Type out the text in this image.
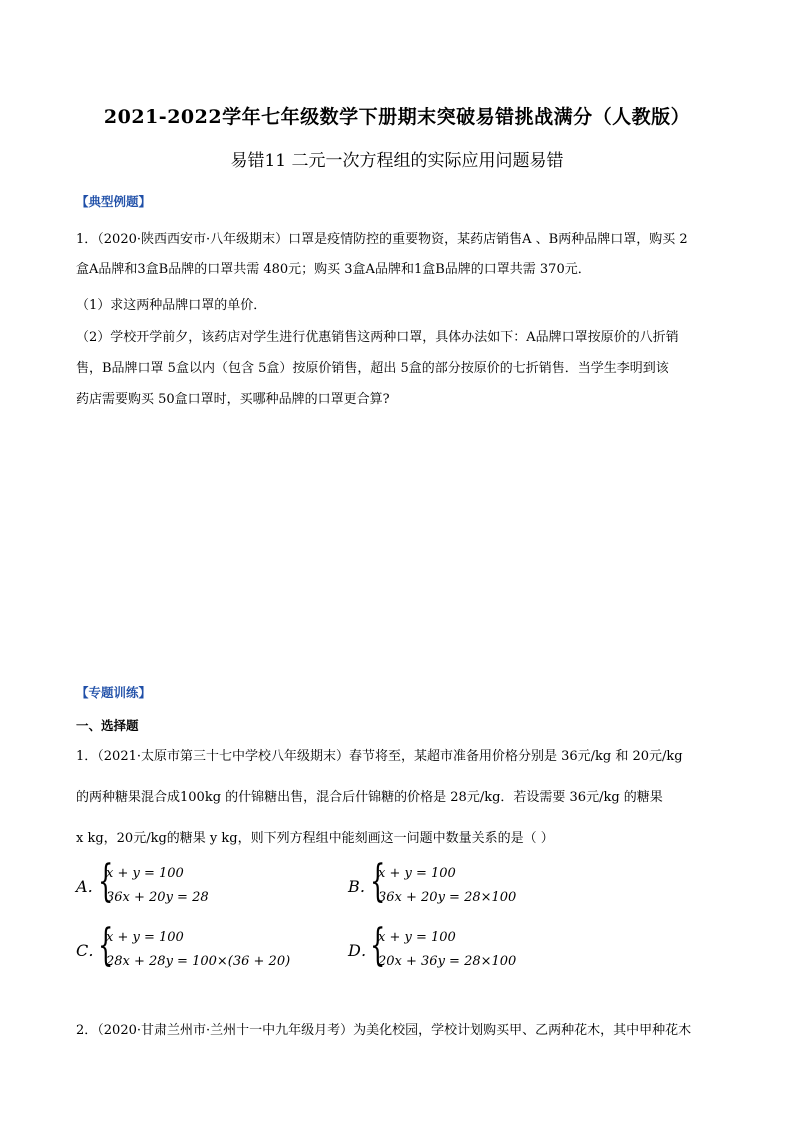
2021-2022学年七年级数学下册期末突破易错挑战满分（人教版）
易错11 二元一次方程组的实际应用问题易错
【典型例题】
1．（2020·陕西西安市·八年级期末）口罩是疫情防控的重要物资，某药店销售A 、B两种品牌口罩，购买 2
盒A品牌和3盒B品牌的口罩共需 480元；购买 3盒A品牌和1盒B品牌的口罩共需 370元．
（1）求这两种品牌口罩的单价．
（2）学校开学前夕，该药店对学生进行优惠销售这两种口罩，具体办法如下：A品牌口罩按原价的八折销
售，B品牌口罩 5盒以内（包含 5盒）按原价销售，超出 5盒的部分按原价的七折销售．当学生李明到该
药店需要购买 50盒口罩时，买哪种品牌的口罩更合算?
【专题训练】
一、选择题
1．（2021·太原市第三十七中学校八年级期末）春节将至，某超市准备用价格分别是 36元/kg 和 20元/kg
的两种糖果混合成100kg 的什锦糖出售，混合后什锦糖的价格是 28元/kg．若设需要 36元/kg 的糖果
x kg，20元/kg的糖果 y kg，则下列方程组中能刻画这一问题中数量关系的是（ ）
A．
{
x + y = 100
36x + 20y = 28
B．
{
x + y = 100
36x + 20y = 28×100
C．
{
x + y = 100
28x + 28y = 100×(36 + 20)
D．
{
x + y = 100
20x + 36y = 28×100
2．（2020·甘肃兰州市·兰州十一中九年级月考）为美化校园，学校计划购买甲、乙两种花木，其中甲种花木
